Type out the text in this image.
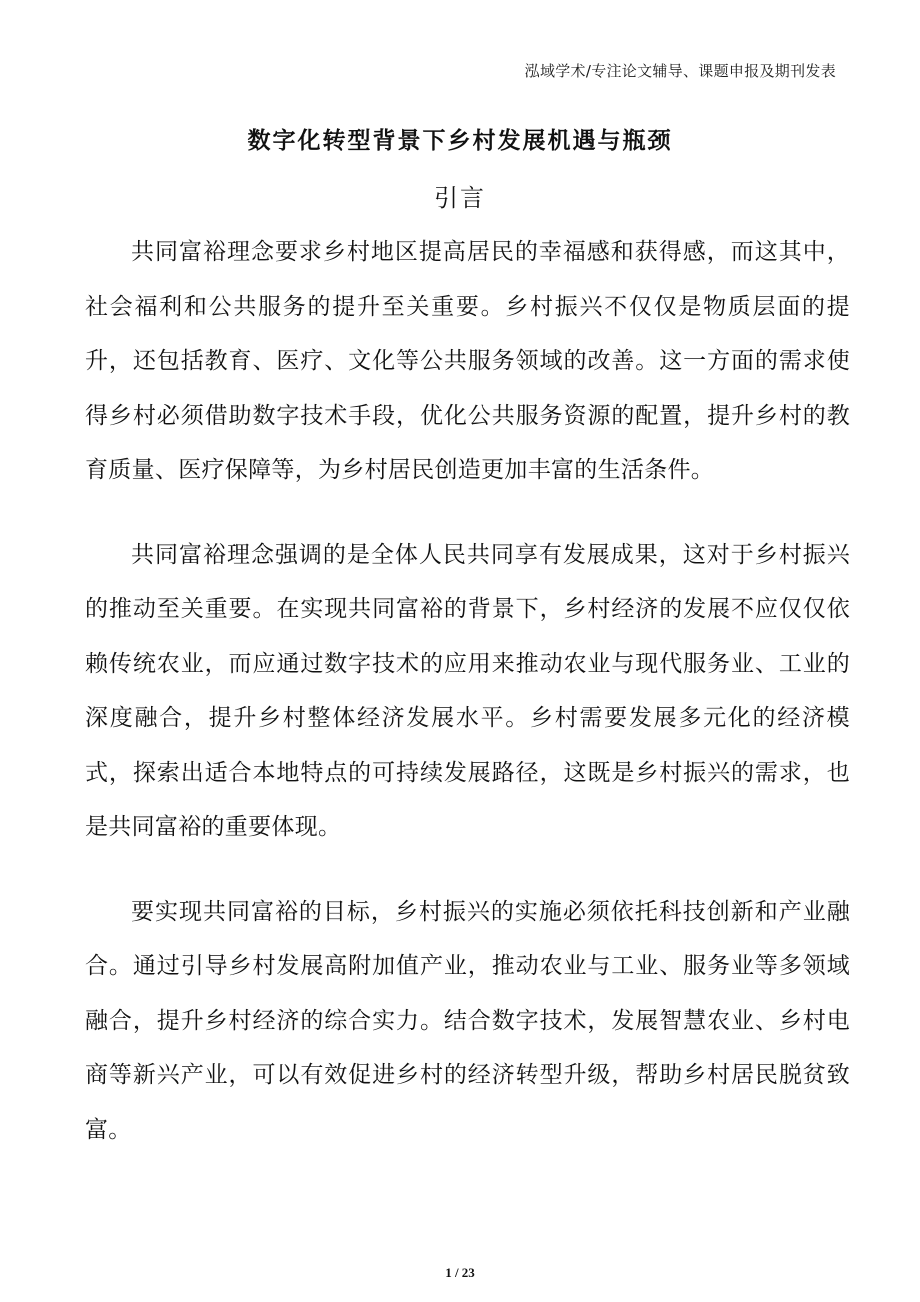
泓域学术/专注论文辅导、课题申报及期刊发表
数字化转型背景下乡村发展机遇与瓶颈
引言

共同富裕理念要求乡村地区提高居民的幸福感和获得感，而这其中，社会福利和公共服务的提升至关重要。乡村振兴不仅仅是物质层面的提升，还包括教育、医疗、文化等公共服务领域的改善。这一方面的需求使得乡村必须借助数字技术手段，优化公共服务资源的配置，提升乡村的教育质量、医疗保障等，为乡村居民创造更加丰富的生活条件。

共同富裕理念强调的是全体人民共同享有发展成果，这对于乡村振兴的推动至关重要。在实现共同富裕的背景下，乡村经济的发展不应仅仅依赖传统农业，而应通过数字技术的应用来推动农业与现代服务业、工业的深度融合，提升乡村整体经济发展水平。乡村需要发展多元化的经济模式，探索出适合本地特点的可持续发展路径，这既是乡村振兴的需求，也是共同富裕的重要体现。

要实现共同富裕的目标，乡村振兴的实施必须依托科技创新和产业融合。通过引导乡村发展高附加值产业，推动农业与工业、服务业等多领域融合，提升乡村经济的综合实力。结合数字技术，发展智慧农业、乡村电商等新兴产业，可以有效促进乡村的经济转型升级，帮助乡村居民脱贫致富。

1 / 23
